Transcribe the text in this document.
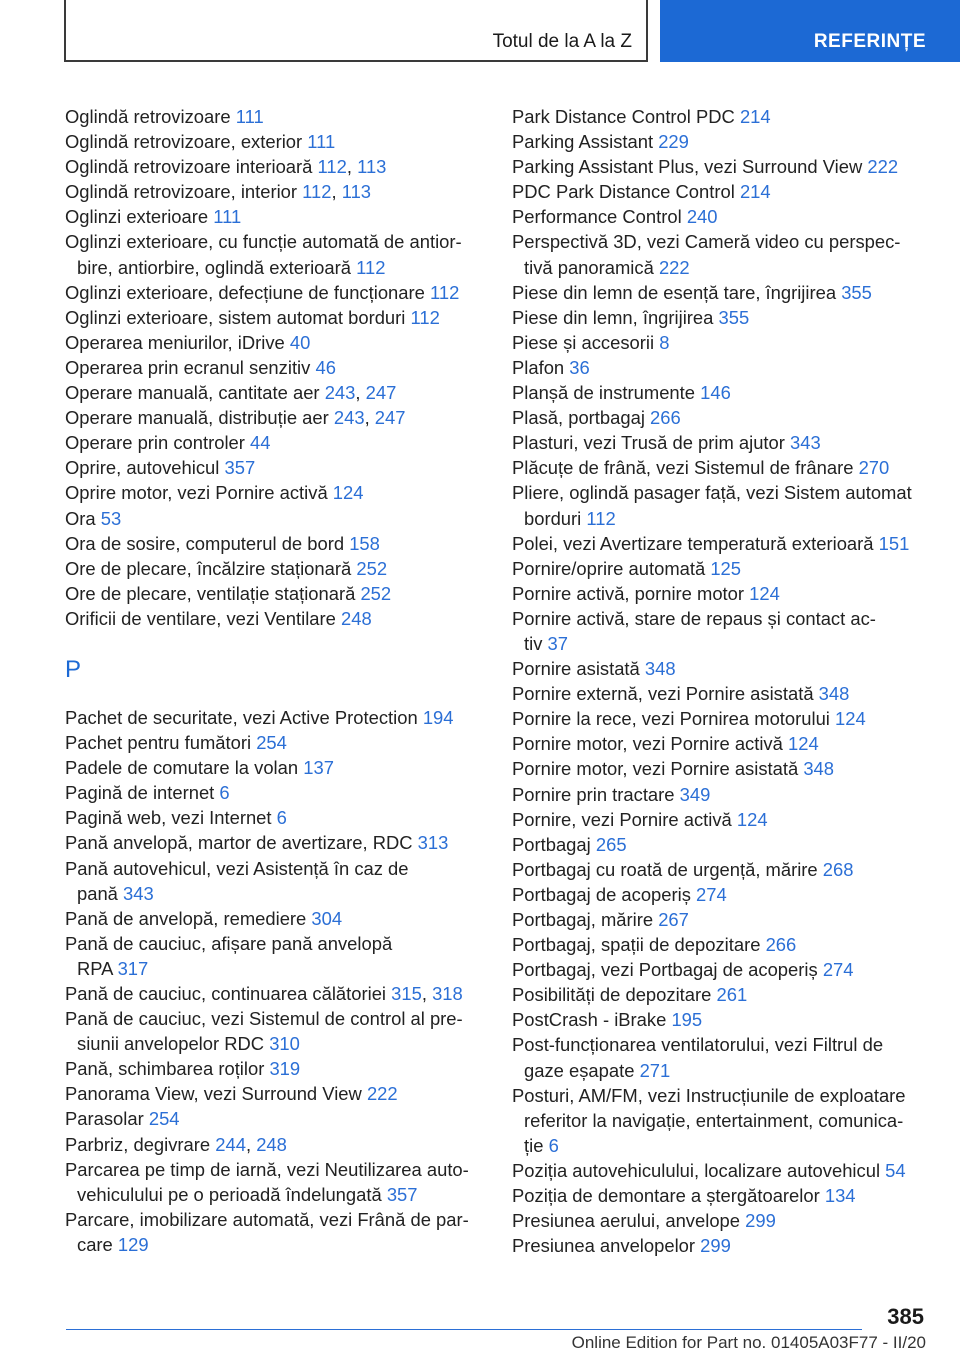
Totul de la A la Z	REFERINȚE
Oglindă retrovizoare 111
Oglindă retrovizoare, exterior 111
Oglindă retrovizoare interioară 112, 113
Oglindă retrovizoare, interior 112, 113
Oglinzi exterioare 111
Oglinzi exterioare, cu funcție automată de antior-
bire, antiorbire, oglindă exterioară 112
Oglinzi exterioare, defecțiune de funcționare 112
Oglinzi exterioare, sistem automat borduri 112
Operarea meniurilor, iDrive 40
Operarea prin ecranul senzitiv 46
Operare manuală, cantitate aer 243, 247
Operare manuală, distribuție aer 243, 247
Operare prin controler 44
Oprire, autovehicul 357
Oprire motor, vezi Pornire activă 124
Ora 53
Ora de sosire, computerul de bord 158
Ore de plecare, încălzire staționară 252
Ore de plecare, ventilație staționară 252
Orificii de ventilare, vezi Ventilare 248
P
Pachet de securitate, vezi Active Protection 194
Pachet pentru fumători 254
Padele de comutare la volan 137
Pagină de internet 6
Pagină web, vezi Internet 6
Pană anvelopă, martor de avertizare, RDC 313
Pană autovehicul, vezi Asistență în caz de
pană 343
Pană de anvelopă, remediere 304
Pană de cauciuc, afișare pană anvelopă
RPA 317
Pană de cauciuc, continuarea călătoriei 315, 318
Pană de cauciuc, vezi Sistemul de control al pre-
siunii anvelopelor RDC 310
Pană, schimbarea roților 319
Panorama View, vezi Surround View 222
Parasolar 254
Parbriz, degivrare 244, 248
Parcarea pe timp de iarnă, vezi Neutilizarea auto-
vehiculului pe o perioadă îndelungată 357
Parcare, imobilizare automată, vezi Frână de par-
care 129
Park Distance Control PDC 214
Parking Assistant 229
Parking Assistant Plus, vezi Surround View 222
PDC Park Distance Control 214
Performance Control 240
Perspectivă 3D, vezi Cameră video cu perspec-
tivă panoramică 222
Piese din lemn de esență tare, îngrijirea 355
Piese din lemn, îngrijirea 355
Piese și accesorii 8
Plafon 36
Planșă de instrumente 146
Plasă, portbagaj 266
Plasturi, vezi Trusă de prim ajutor 343
Plăcuțe de frână, vezi Sistemul de frânare 270
Pliere, oglindă pasager față, vezi Sistem automat
borduri 112
Polei, vezi Avertizare temperatură exterioară 151
Pornire/oprire automată 125
Pornire activă, pornire motor 124
Pornire activă, stare de repaus și contact ac-
tiv 37
Pornire asistată 348
Pornire externă, vezi Pornire asistată 348
Pornire la rece, vezi Pornirea motorului 124
Pornire motor, vezi Pornire activă 124
Pornire motor, vezi Pornire asistată 348
Pornire prin tractare 349
Pornire, vezi Pornire activă 124
Portbagaj 265
Portbagaj cu roată de urgență, mărire 268
Portbagaj de acoperiș 274
Portbagaj, mărire 267
Portbagaj, spații de depozitare 266
Portbagaj, vezi Portbagaj de acoperiș 274
Posibilități de depozitare 261
PostCrash - iBrake 195
Post-funcționarea ventilatorului, vezi Filtrul de
gaze eșapate 271
Posturi, AM/FM, vezi Instrucțiunile de exploatare
referitor la navigație, entertainment, comunica-
ție 6
Poziția autovehiculului, localizare autovehicul 54
Poziția de demontare a ștergătoarelor 134
Presiunea aerului, anvelope 299
Presiunea anvelopelor 299
385
Online Edition for Part no. 01405A03F77 - II/20
